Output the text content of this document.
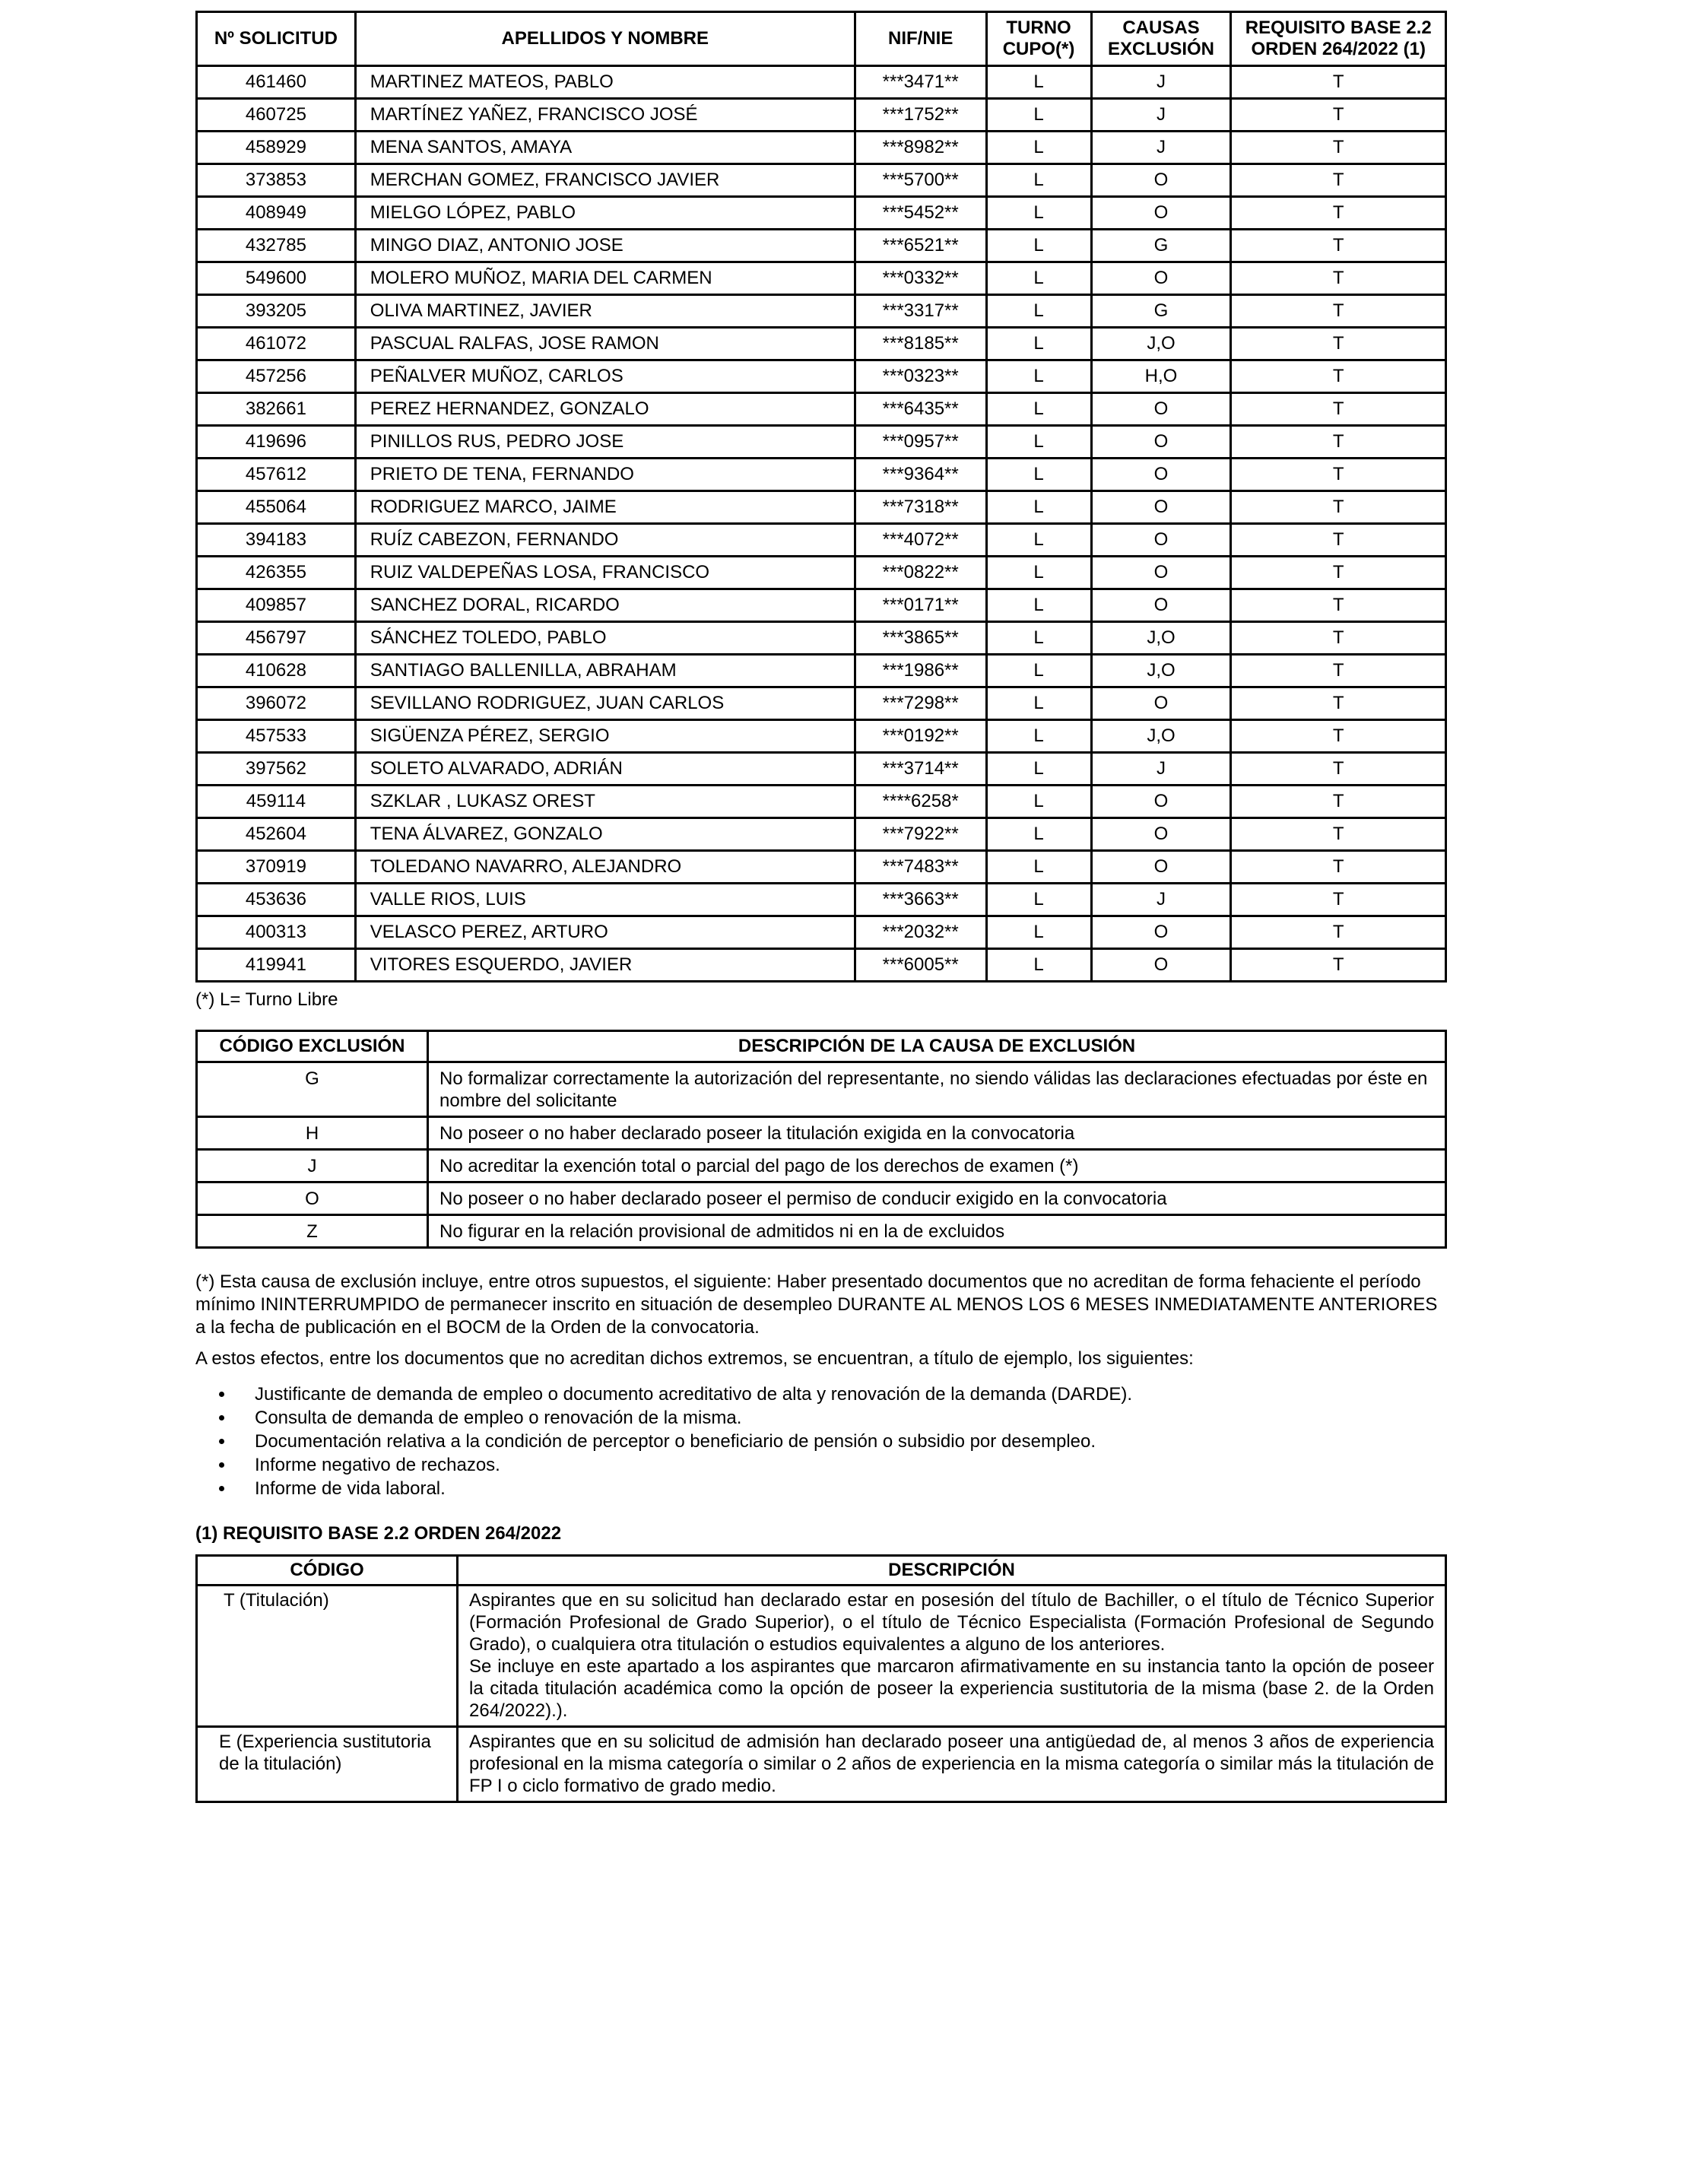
Nº SOLICITUD	APELLIDOS Y NOMBRE	NIF/NIE	TURNO CUPO(*)	CAUSAS EXCLUSIÓN	REQUISITO BASE 2.2 ORDEN 264/2022 (1)
461460	MARTINEZ MATEOS, PABLO	***3471**	L	J	T
460725	MARTÍNEZ YAÑEZ, FRANCISCO JOSÉ	***1752**	L	J	T
458929	MENA SANTOS, AMAYA	***8982**	L	J	T
373853	MERCHAN GOMEZ, FRANCISCO JAVIER	***5700**	L	O	T
408949	MIELGO LÓPEZ, PABLO	***5452**	L	O	T
432785	MINGO DIAZ, ANTONIO JOSE	***6521**	L	G	T
549600	MOLERO MUÑOZ, MARIA DEL CARMEN	***0332**	L	O	T
393205	OLIVA MARTINEZ, JAVIER	***3317**	L	G	T
461072	PASCUAL RALFAS, JOSE RAMON	***8185**	L	J,O	T
457256	PEÑALVER MUÑOZ, CARLOS	***0323**	L	H,O	T
382661	PEREZ HERNANDEZ, GONZALO	***6435**	L	O	T
419696	PINILLOS RUS, PEDRO JOSE	***0957**	L	O	T
457612	PRIETO DE TENA, FERNANDO	***9364**	L	O	T
455064	RODRIGUEZ MARCO, JAIME	***7318**	L	O	T
394183	RUÍZ CABEZON, FERNANDO	***4072**	L	O	T
426355	RUIZ VALDEPEÑAS LOSA, FRANCISCO	***0822**	L	O	T
409857	SANCHEZ DORAL, RICARDO	***0171**	L	O	T
456797	SÁNCHEZ TOLEDO, PABLO	***3865**	L	J,O	T
410628	SANTIAGO BALLENILLA, ABRAHAM	***1986**	L	J,O	T
396072	SEVILLANO RODRIGUEZ, JUAN CARLOS	***7298**	L	O	T
457533	SIGÜENZA PÉREZ, SERGIO	***0192**	L	J,O	T
397562	SOLETO ALVARADO, ADRIÁN	***3714**	L	J	T
459114	SZKLAR , LUKASZ OREST	****6258*	L	O	T
452604	TENA ÁLVAREZ, GONZALO	***7922**	L	O	T
370919	TOLEDANO NAVARRO, ALEJANDRO	***7483**	L	O	T
453636	VALLE RIOS, LUIS	***3663**	L	J	T
400313	VELASCO PEREZ, ARTURO	***2032**	L	O	T
419941	VITORES ESQUERDO, JAVIER	***6005**	L	O	T
(*) L= Turno Libre
CÓDIGO EXCLUSIÓN	DESCRIPCIÓN DE LA CAUSA DE EXCLUSIÓN
G	No formalizar correctamente la autorización del representante, no siendo válidas las declaraciones efectuadas por éste en nombre del solicitante
H	No poseer o no haber declarado poseer la titulación exigida en la convocatoria
J	No acreditar la exención total o parcial del pago de los derechos de examen (*)
O	No poseer o no haber declarado poseer el permiso de conducir exigido en la convocatoria
Z	No figurar en la relación provisional de admitidos ni en la de excluidos
(*) Esta causa de exclusión incluye, entre otros supuestos, el siguiente: Haber presentado documentos que no acreditan de forma fehaciente el período mínimo ININTERRUMPIDO de permanecer inscrito en situación de desempleo DURANTE AL MENOS LOS 6 MESES INMEDIATAMENTE ANTERIORES a la fecha de publicación en el BOCM de la Orden de la convocatoria.
A estos efectos, entre los documentos que no acreditan dichos extremos, se encuentran, a título de ejemplo, los siguientes:
• Justificante de demanda de empleo o documento acreditativo de alta y renovación de la demanda (DARDE).
• Consulta de demanda de empleo o renovación de la misma.
• Documentación relativa a la condición de perceptor o beneficiario de pensión o subsidio por desempleo.
• Informe negativo de rechazos.
• Informe de vida laboral.
(1) REQUISITO BASE 2.2 ORDEN 264/2022
CÓDIGO	DESCRIPCIÓN
T (Titulación)	Aspirantes que en su solicitud han declarado estar en posesión del título de Bachiller, o el título de Técnico Superior (Formación Profesional de Grado Superior), o el título de Técnico Especialista (Formación Profesional de Segundo Grado), o cualquiera otra titulación o estudios equivalentes a alguno de los anteriores.
Se incluye en este apartado a los aspirantes que marcaron afirmativamente en su instancia tanto la opción de poseer la citada titulación académica como la opción de poseer la experiencia sustitutoria de la misma (base 2. de la Orden 264/2022).).

E (Experiencia sustitutoria de la titulación)	Aspirantes que en su solicitud de admisión han declarado poseer una antigüedad de, al menos 3 años de experiencia profesional en la misma categoría o similar o 2 años de experiencia en la misma categoría o similar más la titulación de FP I o ciclo formativo de grado medio.
